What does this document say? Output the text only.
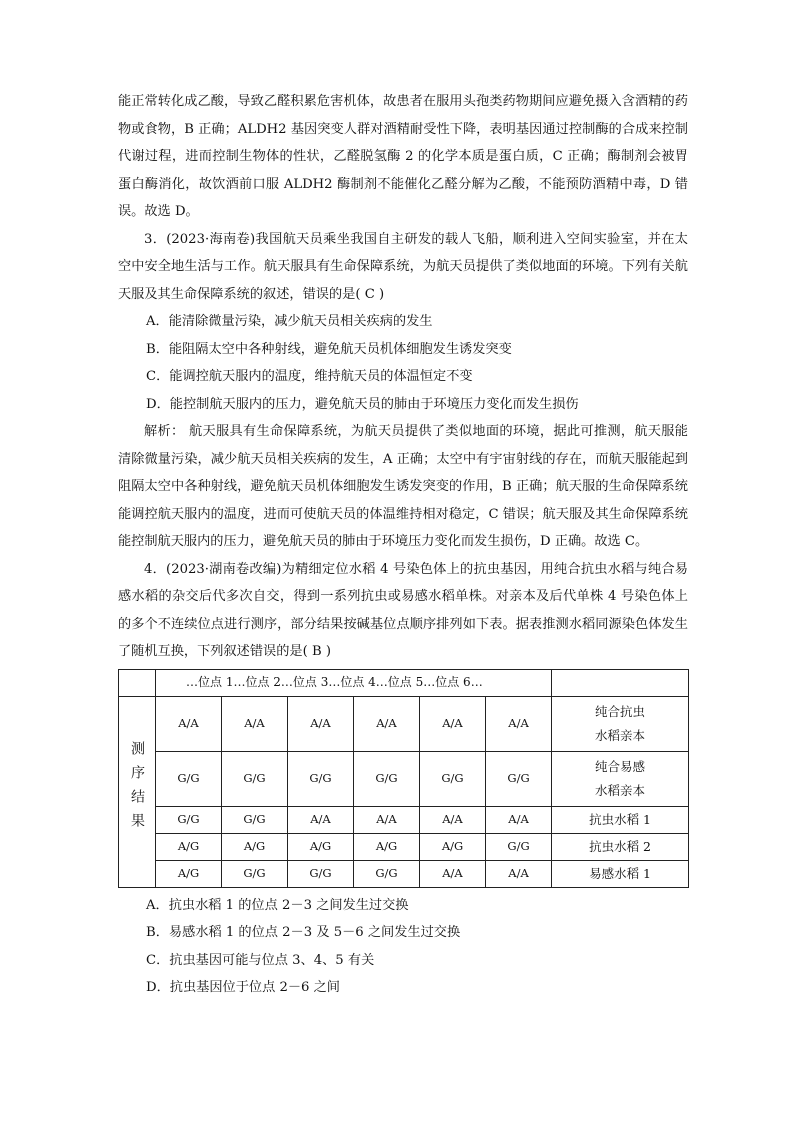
能正常转化成乙酸，导致乙醛积累危害机体，故患者在服用头孢类药物期间应避免摄入含酒精的药物或食物，B 正确；ALDH2 基因突变人群对酒精耐受性下降，表明基因通过控制酶的合成来控制代谢过程，进而控制生物体的性状，乙醛脱氢酶 2 的化学本质是蛋白质，C 正确；酶制剂会被胃蛋白酶消化，故饮酒前口服 ALDH2 酶制剂不能催化乙醛分解为乙酸，不能预防酒精中毒，D 错误。故选 D。

3．(2023·海南卷)我国航天员乘坐我国自主研发的载人飞船，顺利进入空间实验室，并在太空中安全地生活与工作。航天服具有生命保障系统，为航天员提供了类似地面的环境。下列有关航天服及其生命保障系统的叙述，错误的是( C )

A．能清除微量污染，减少航天员相关疾病的发生

B．能阻隔太空中各种射线，避免航天员机体细胞发生诱发突变

C．能调控航天服内的温度，维持航天员的体温恒定不变

D．能控制航天服内的压力，避免航天员的肺由于环境压力变化而发生损伤

解析： 航天服具有生命保障系统，为航天员提供了类似地面的环境，据此可推测，航天服能清除微量污染，减少航天员相关疾病的发生，A 正确；太空中有宇宙射线的存在，而航天服能起到阻隔太空中各种射线，避免航天员机体细胞发生诱发突变的作用，B 正确；航天服的生命保障系统能调控航天服内的温度，进而可使航天员的体温维持相对稳定，C 错误；航天服及其生命保障系统能控制航天服内的压力，避免航天员的肺由于环境压力变化而发生损伤，D 正确。故选 C。

4．(2023·湖南卷改编)为精细定位水稻 4 号染色体上的抗虫基因，用纯合抗虫水稻与纯合易感水稻的杂交后代多次自交，得到一系列抗虫或易感水稻单株。对亲本及后代单株 4 号染色体上的多个不连续位点进行测序，部分结果按碱基位点顺序排列如下表。据表推测水稻同源染色体发生了随机互换，下列叙述错误的是( B )

	…位点 1…位点 2…位点 3…位点 4…位点 5…位点 6…						
测序结果	A/A	A/A	A/A	A/A	A/A	A/A	纯合抗虫
水稻亲本

	G/G	G/G	G/G	G/G	G/G	G/G	纯合易感
水稻亲本

	G/G	G/G	A/A	A/A	A/A	A/A	抗虫水稻 1
	A/G	A/G	A/G	A/G	A/G	G/G	抗虫水稻 2
	A/G	G/G	G/G	G/G	A/A	A/A	易感水稻 1

A．抗虫水稻 1 的位点 2－3 之间发生过交换

B．易感水稻 1 的位点 2－3 及 5－6 之间发生过交换

C．抗虫基因可能与位点 3、4、5 有关

D．抗虫基因位于位点 2－6 之间
